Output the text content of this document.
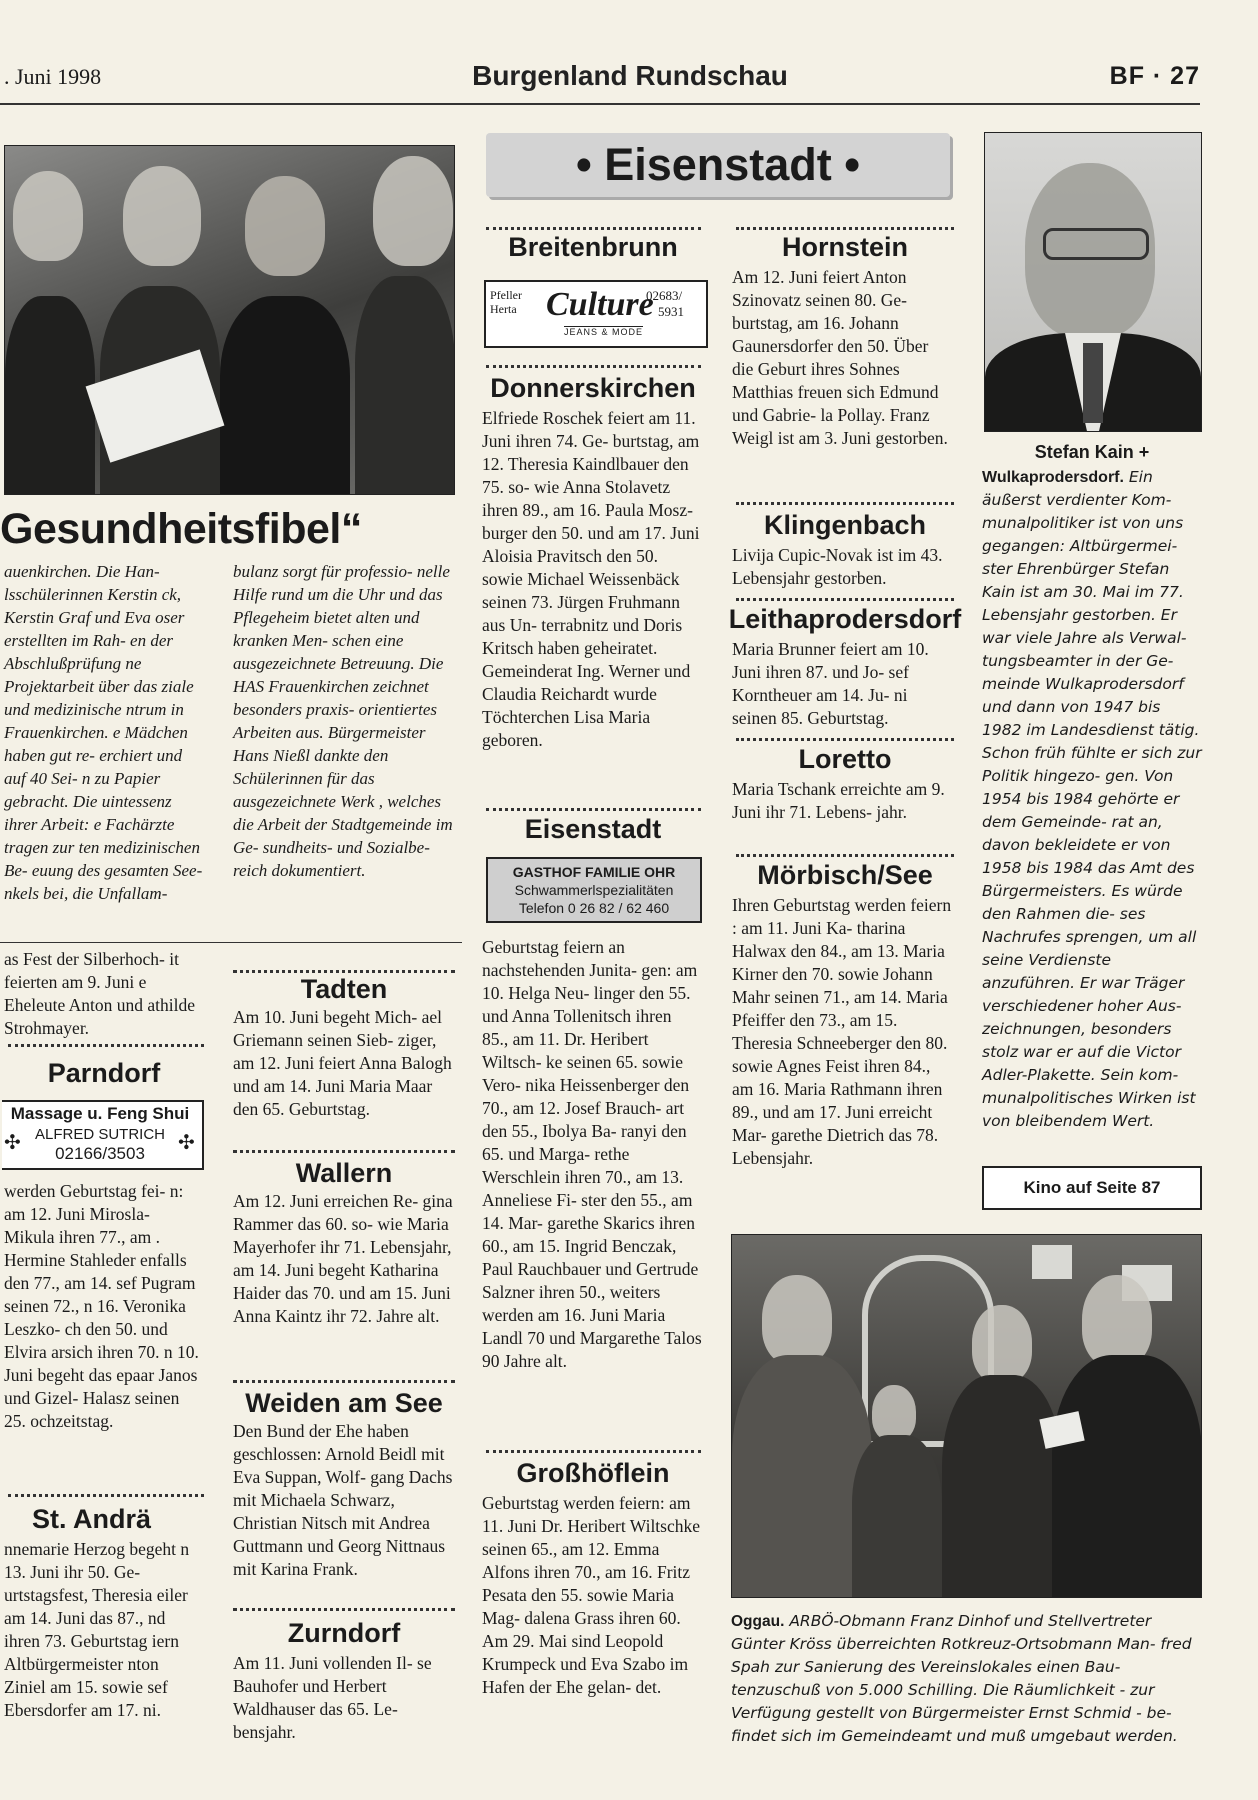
. Juni 1998	Burgenland Rundschau	BF · 27
Gesundheitsfibel“
auenkirchen. Die Han- lsschülerinnen Kerstin ck, Kerstin Graf und Eva oser erstellten im Rah- en der Abschlußprüfung ne Projektarbeit über das ziale und medizinische ntrum in Frauenkirchen. e Mädchen haben gut re- erchiert und auf 40 Sei- n zu Papier gebracht. Die uintessenz ihrer Arbeit: e Fachärzte tragen zur ten medizinischen Be- euung des gesamten See- nkels bei, die Unfallam-
bulanz sorgt für professio- nelle Hilfe rund um die Uhr und das Pflegeheim bietet alten und kranken Men- schen eine ausgezeichnete Betreuung. Die HAS Frauenkirchen zeichnet besonders praxis- orientiertes Arbeiten aus. Bürgermeister Hans Nießl dankte den Schülerinnen für das ausgezeichnete Werk , welches die Arbeit der Stadtgemeinde im Ge- sundheits- und Sozialbe- reich dokumentiert.
as Fest der Silberhoch- it feierten am 9. Juni e Eheleute Anton und athilde Strohmayer.
Parndorf
Massage u. Feng Shui
✣ ALFRED SUTRICH
02166/3503	✣
werden Geburtstag fei- n: am 12. Juni Mirosla- Mikula ihren 77., am . Hermine Stahleder enfalls den 77., am 14. sef Pugram seinen 72., n 16. Veronika Leszko- ch den 50. und Elvira arsich ihren 70. n 10. Juni begeht das epaar Janos und Gizel- Halasz seinen 25. ochzeitstag.
St. Andrä
nnemarie Herzog begeht n 13. Juni ihr 50. Ge- urtstagsfest, Theresia eiler am 14. Juni das 87., nd ihren 73. Geburtstag iern Altbürgermeister nton Ziniel am 15. sowie sef Ebersdorfer am 17. ni.
Tadten
Am 10. Juni begeht Mich- ael Griemann seinen Sieb- ziger, am 12. Juni feiert Anna Balogh und am 14. Juni Maria Maar den 65. Geburtstag.
Wallern
Am 12. Juni erreichen Re- gina Rammer das 60. so- wie Maria Mayerhofer ihr 71. Lebensjahr, am 14. Juni begeht Katharina Haider das 70. und am 15. Juni Anna Kaintz ihr 72. Jahre alt.
Weiden am See
Den Bund der Ehe haben geschlossen: Arnold Beidl mit Eva Suppan, Wolf- gang Dachs mit Michaela Schwarz, Christian Nitsch mit Andrea Guttmann und Georg Nittnaus mit Karina Frank.
Zurndorf
Am 11. Juni vollenden Il- se Bauhofer und Herbert Waldhauser das 65. Le- bensjahr.
• Eisenstadt •
Breitenbrunn
Pfeller
Herta Culture
JEANS & MODE
02683/
5931
Donnerskirchen
Elfriede Roschek feiert am 11. Juni ihren 74. Ge- burtstag, am 12. Theresia Kaindlbauer den 75. so- wie Anna Stolavetz ihren 89., am 16. Paula Mosz- burger den 50. und am 17. Juni Aloisia Pravitsch den 50. sowie Michael Weissenbäck seinen 73. Jürgen Fruhmann aus Un- terrabnitz und Doris Kritsch haben geheiratet. Gemeinderat Ing. Werner und Claudia Reichardt wurde Töchterchen Lisa Maria geboren.
Eisenstadt
GASTHOF FAMILIE OHR
Schwammerlspezialitäten
Telefon 0 26 82 / 62 460
Geburtstag feiern an nachstehenden Junita- gen: am 10. Helga Neu- linger den 55. und Anna Tollenitsch ihren 85., am 11. Dr. Heribert Wiltsch- ke seinen 65. sowie Vero- nika Heissenberger den 70., am 12. Josef Brauch- art den 55., Ibolya Ba- ranyi den 65. und Marga- rethe Werschlein ihren 70., am 13. Anneliese Fi- ster den 55., am 14. Mar- garethe Skarics ihren 60., am 15. Ingrid Benczak, Paul Rauchbauer und Gertrude Salzner ihren 50., weiters werden am 16. Juni Maria Landl 70 und Margarethe Talos 90 Jahre alt.
Großhöflein
Geburtstag werden feiern: am 11. Juni Dr. Heribert Wiltschke seinen 65., am 12. Emma Alfons ihren 70., am 16. Fritz Pesata den 55. sowie Maria Mag- dalena Grass ihren 60. Am 29. Mai sind Leopold Krumpeck und Eva Szabo im Hafen der Ehe gelan- det.
Hornstein
Am 12. Juni feiert Anton Szinovatz seinen 80. Ge- burtstag, am 16. Johann Gaunersdorfer den 50. Über die Geburt ihres Sohnes Matthias freuen sich Edmund und Gabrie- la Pollay. Franz Weigl ist am 3. Juni gestorben.
Klingenbach
Livija Cupic-Novak ist im 43. Lebensjahr gestorben.
Leithaprodersdorf
Maria Brunner feiert am 10. Juni ihren 87. und Jo- sef Korntheuer am 14. Ju- ni seinen 85. Geburtstag.
Loretto
Maria Tschank erreichte am 9. Juni ihr 71. Lebens- jahr.
Mörbisch/See
Ihren Geburtstag werden feiern : am 11. Juni Ka- tharina Halwax den 84., am 13. Maria Kirner den 70. sowie Johann Mahr seinen 71., am 14. Maria Pfeiffer den 73., am 15. Theresia Schneeberger den 80. sowie Agnes Feist ihren 84., am 16. Maria Rathmann ihren 89., und am 17. Juni erreicht Mar- garethe Dietrich das 78. Lebensjahr.
Stefan Kain +
Wulkaprodersdorf. Ein äußerst verdienter Kom- munalpolitiker ist von uns gegangen: Altbürgermei- ster Ehrenbürger Stefan Kain ist am 30. Mai im 77. Lebensjahr gestorben. Er war viele Jahre als Verwal- tungsbeamter in der Ge- meinde Wulkaprodersdorf und dann von 1947 bis 1982 im Landesdienst tätig. Schon früh fühlte er sich zur Politik hingezo- gen. Von 1954 bis 1984 gehörte er dem Gemeinde- rat an, davon bekleidete er von 1958 bis 1984 das Amt des Bürgermeisters. Es würde den Rahmen die- ses Nachrufes sprengen, um all seine Verdienste anzuführen. Er war Träger verschiedener hoher Aus- zeichnungen, besonders stolz war er auf die Victor Adler-Plakette. Sein kom- munalpolitisches Wirken ist von bleibendem Wert.
Kino auf Seite 87
Oggau. ARBÖ-Obmann Franz Dinhof und Stellvertreter Günter Kröss überreichten Rotkreuz-Ortsobmann Man- fred Spah zur Sanierung des Vereinslokales einen Bau- tenzuschuß von 5.000 Schilling. Die Räumlichkeit - zur Verfügung gestellt von Bürgermeister Ernst Schmid - be- findet sich im Gemeindeamt und muß umgebaut werden.
